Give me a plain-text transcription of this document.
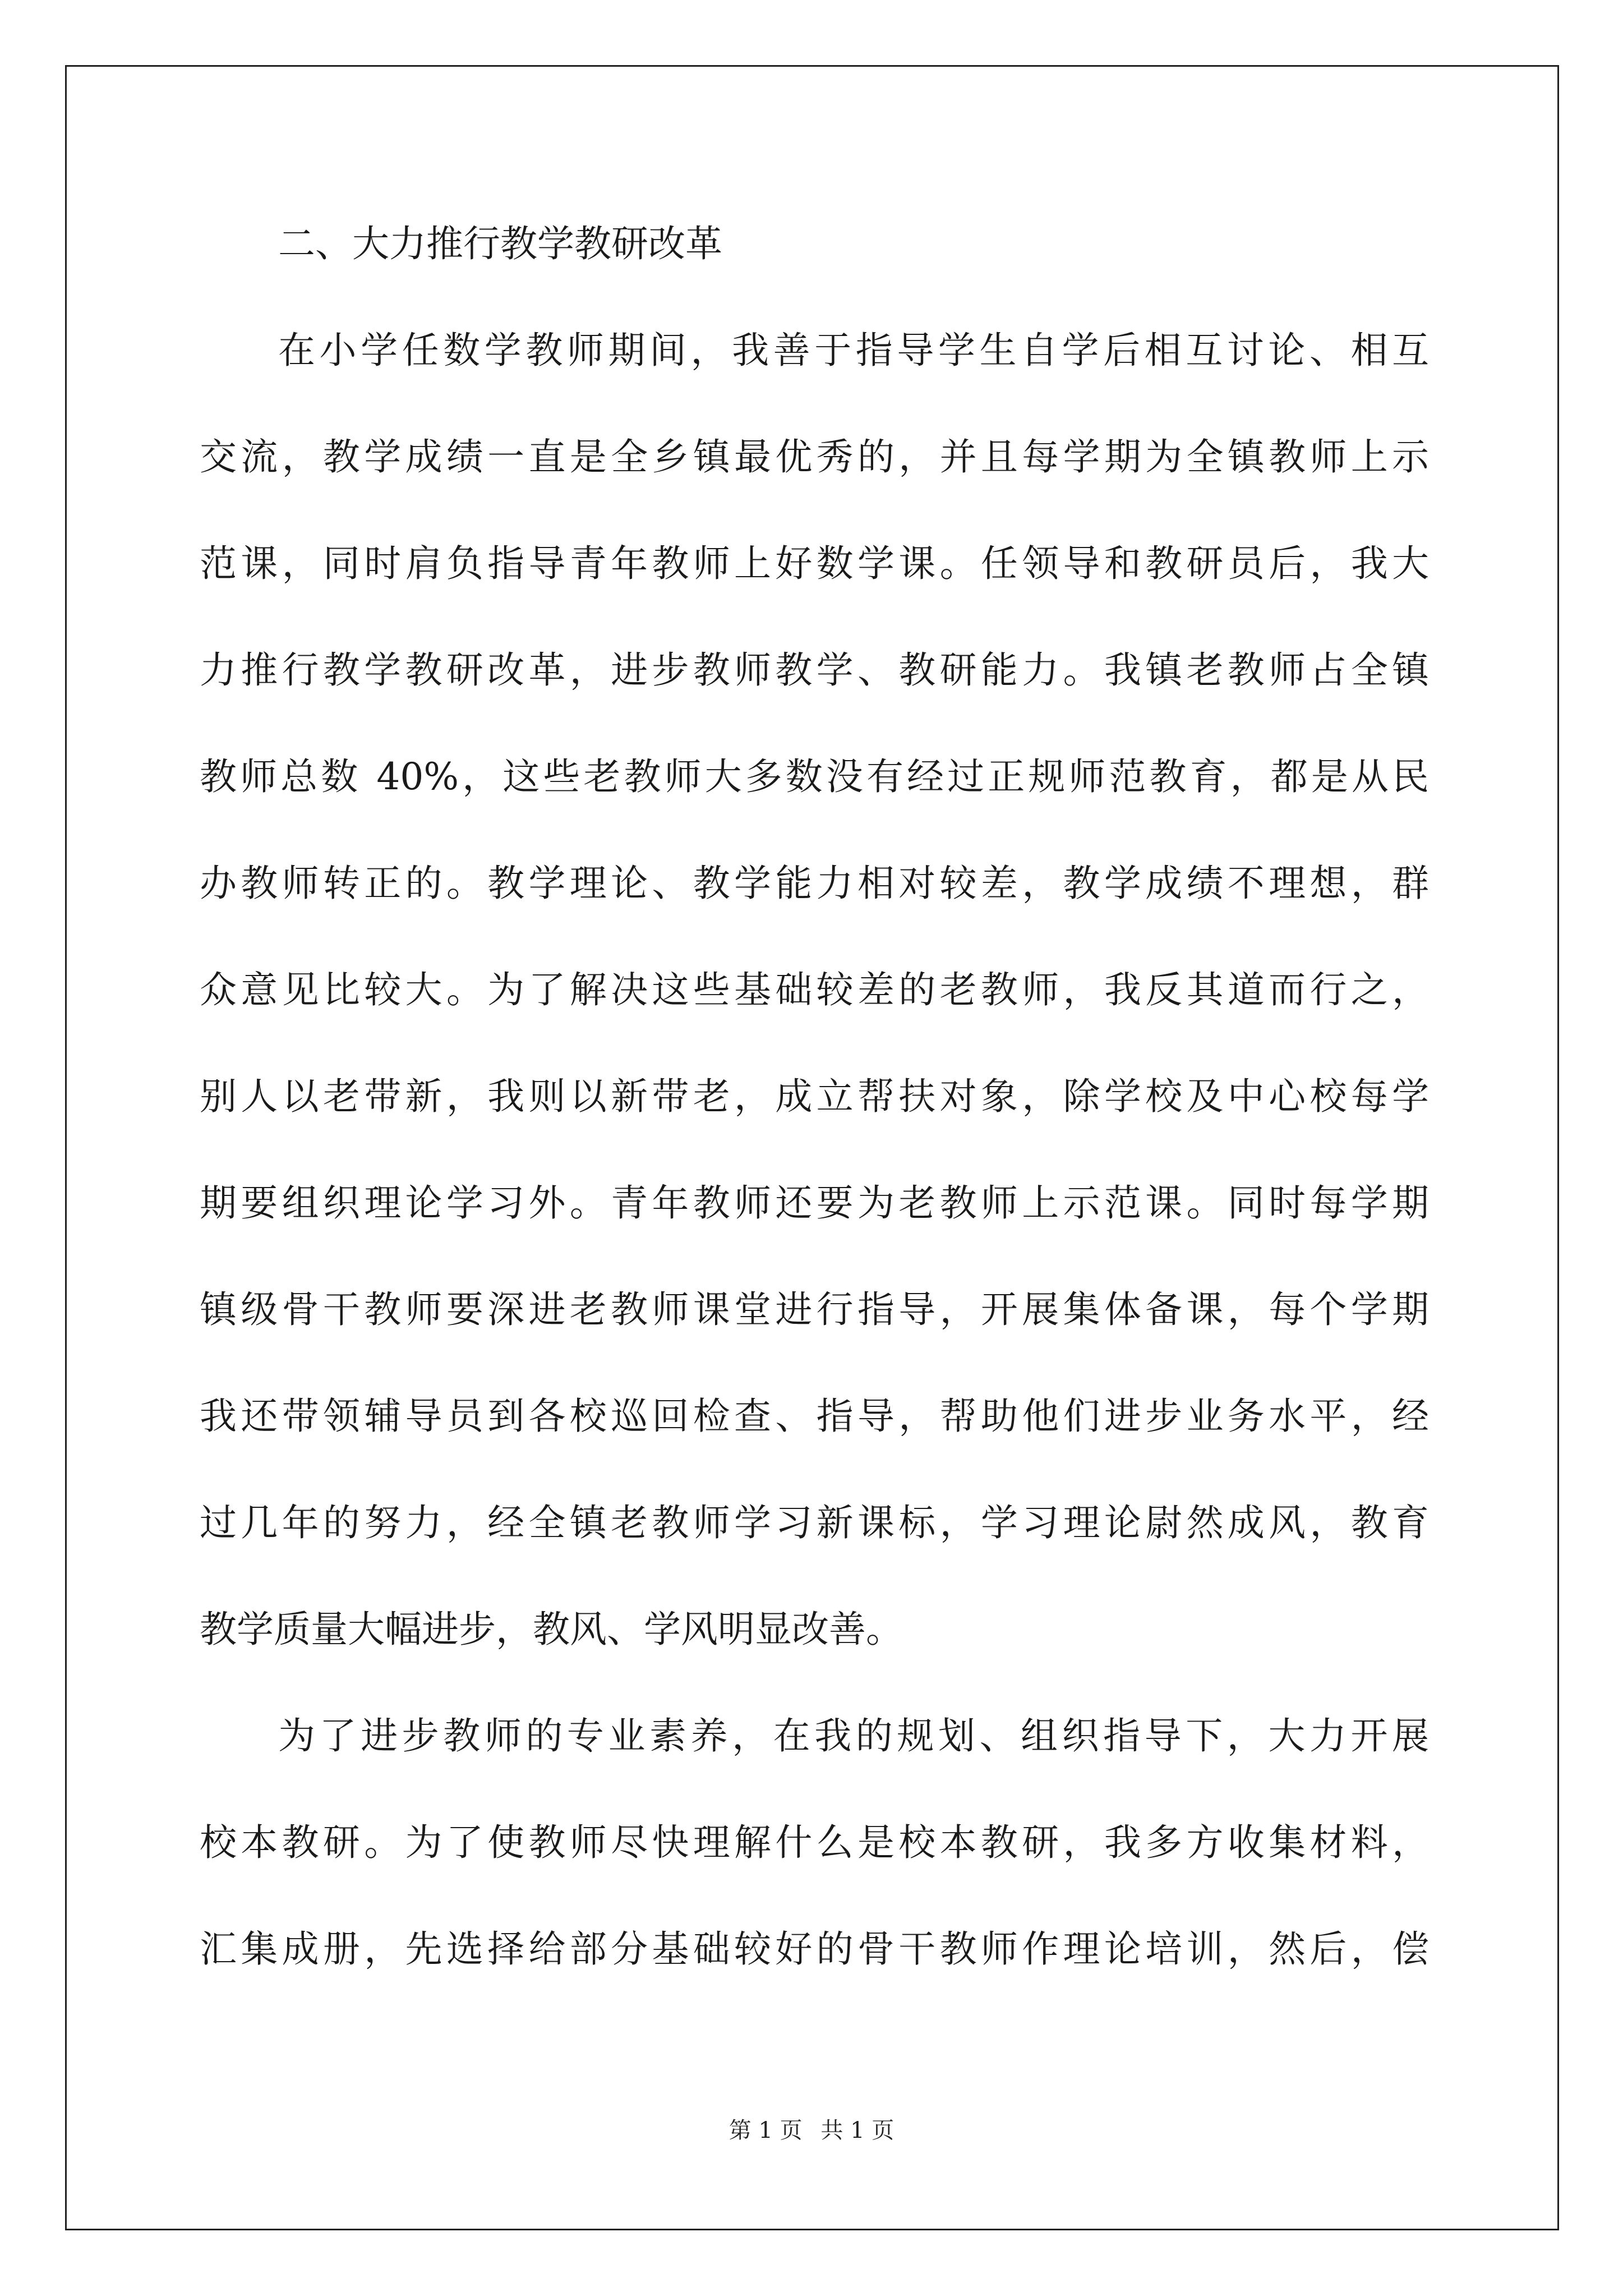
二、大力推行教学教研改革
在小学任数学教师期间，我善于指导学生自学后相互讨论、相互
交流，教学成绩一直是全乡镇最优秀的，并且每学期为全镇教师上示
范课，同时肩负指导青年教师上好数学课。任领导和教研员后，我大
力推行教学教研改革，进步教师教学、教研能力。我镇老教师占全镇
教师总数 40%，这些老教师大多数没有经过正规师范教育，都是从民
办教师转正的。教学理论、教学能力相对较差，教学成绩不理想，群
众意见比较大。为了解决这些基础较差的老教师，我反其道而行之，
别人以老带新，我则以新带老，成立帮扶对象，除学校及中心校每学
期要组织理论学习外。青年教师还要为老教师上示范课。同时每学期
镇级骨干教师要深进老教师课堂进行指导，开展集体备课，每个学期
我还带领辅导员到各校巡回检查、指导，帮助他们进步业务水平，经
过几年的努力，经全镇老教师学习新课标，学习理论尉然成风，教育
教学质量大幅进步，教风、学风明显改善。
为了进步教师的专业素养，在我的规划、组织指导下，大力开展
校本教研。为了使教师尽快理解什么是校本教研，我多方收集材料，
汇集成册，先选择给部分基础较好的骨干教师作理论培训，然后，偿
第 1 页 共 1 页
